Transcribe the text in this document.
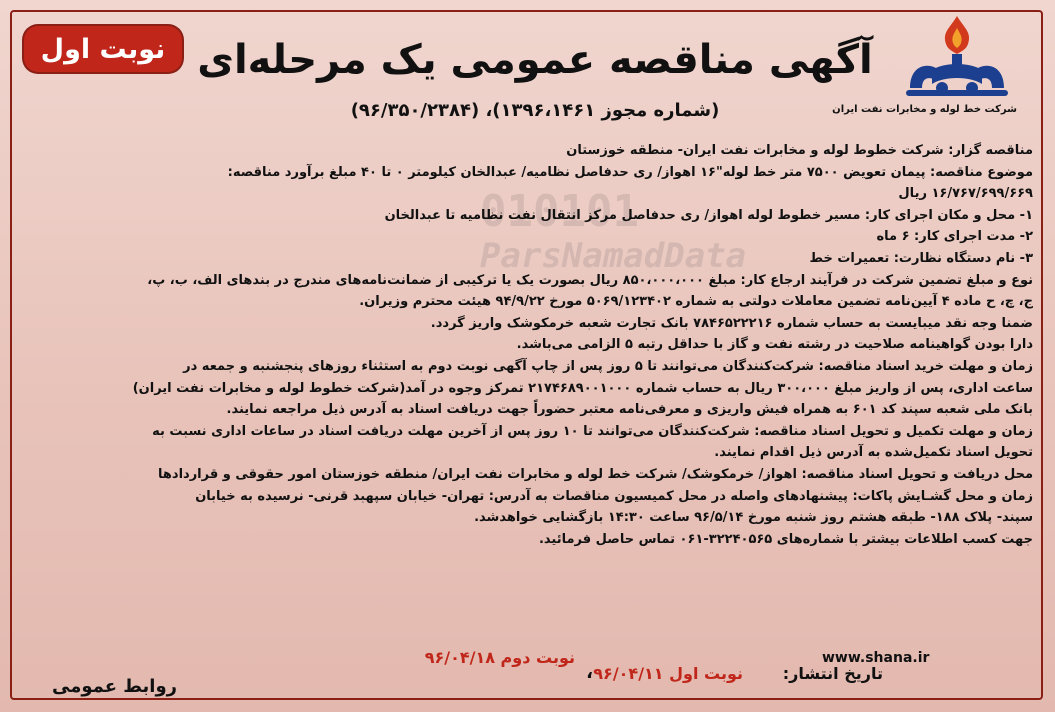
010101
ParsNamadData
نوبت اول
شرکت خط لوله و مخابرات نفت ایران
آگهی مناقصه عمومی یک مرحله‌ای
(شماره مجوز ۱۳۹۶،۱۴۶۱)، (۹۶/۳۵۰/۲۳۸۴)

مناقصه گزار: شرکت خطوط لوله و مخابرات نفت ایران- منطقه خوزستان

موضوع مناقصه: پیمان تعویض ۷۵۰۰ متر خط لوله"۱۶ اهواز/ ری حدفاصل نظامیه/ عبدالخان کیلومتر ۰ تا ۴۰ مبلغ برآورد مناقصه:

۱۶/۷۶۷/۶۹۹/۶۶۹ ریال

۱- محل و مکان اجرای کار: مسیر خطوط لوله اهواز/ ری حدفاصل مرکز انتقال نفت نظامیه تا عبدالخان

۲- مدت اجرای کار: ۶ ماه

۳- نام دستگاه نظارت: تعمیرات خط

نوع و مبلغ تضمین شرکت در فرآیند ارجاع کار: مبلغ ۸۵۰،۰۰۰،۰۰۰ ریال بصورت یک یا ترکیبی از ضمانت‌نامه‌های مندرج در بندهای الف، ب، پ،

ج، چ، ح ماده ۴ آیین‌نامه تضمین معاملات دولتی به شماره ۵۰۶۹/۱۲۳۴۰۲ مورخ ۹۴/۹/۲۲ هیئت محترم وزیران.

ضمنا وجه نقد میبایست به حساب شماره ۷۸۴۶۵۲۲۲۱۶ بانک تجارت شعبه خرمکوشک واریز گردد.

دارا بودن گواهینامه صلاحیت در رشته نفت و گاز با حداقل رتبه ۵ الزامی می‌باشد.

زمان و مهلت خرید اسناد مناقصه: شرکت‌کنندگان می‌توانند تا ۵ روز پس از چاپ آگهی نوبت دوم به استثناء روزهای پنجشنبه و جمعه در

ساعت اداری، پس از واریز مبلغ ۳۰۰،۰۰۰ ریال به حساب شماره ۲۱۷۴۶۸۹۰۰۱۰۰۰ تمرکز وجوه در آمد(شرکت خطوط لوله و مخابرات نفت ایران)

بانک ملی شعبه سپند کد ۶۰۱ به همراه فیش واریزی و معرفی‌نامه معتبر حضوراً جهت دریافت اسناد به آدرس ذیل مراجعه نمایند.

زمان و مهلت تکمیل و تحویل اسناد مناقصه: شرکت‌کنندگان می‌توانند تا ۱۰ روز پس از آخرین مهلت دریافت اسناد در ساعات اداری نسبت به

تحویل اسناد تکمیل‌شده به آدرس ذیل اقدام نمایند.

محل دریافت و تحویل اسناد مناقصه: اهواز/ خرمکوشک/ شرکت خط لوله و مخابرات نفت ایران/ منطقه خوزستان امور حقوقی و قراردادها

زمان و محل گشـایش پاکات: پیشنهادهای واصله در محل کمیسیون مناقصات به آدرس: تهران- خیابان سپهبد قرنی- نرسیده به خیابان

سپند- پلاک ۱۸۸- طبقه هشتم روز شنبه مورخ ۹۶/۵/۱۴ ساعت ۱۴:۳۰ بازگشایی خواهدشد.

جهت کسب اطلاعات بیشتر با شماره‌های ۳۲۲۴۰۵۶۵-۰۶۱ تماس حاصل فرمائید.

تاریخ انتشار:
نوبت اول ۹۶/۰۴/۱۱
،
نوبت دوم ۹۶/۰۴/۱۸	www.shana.ir
روابط عمومی
